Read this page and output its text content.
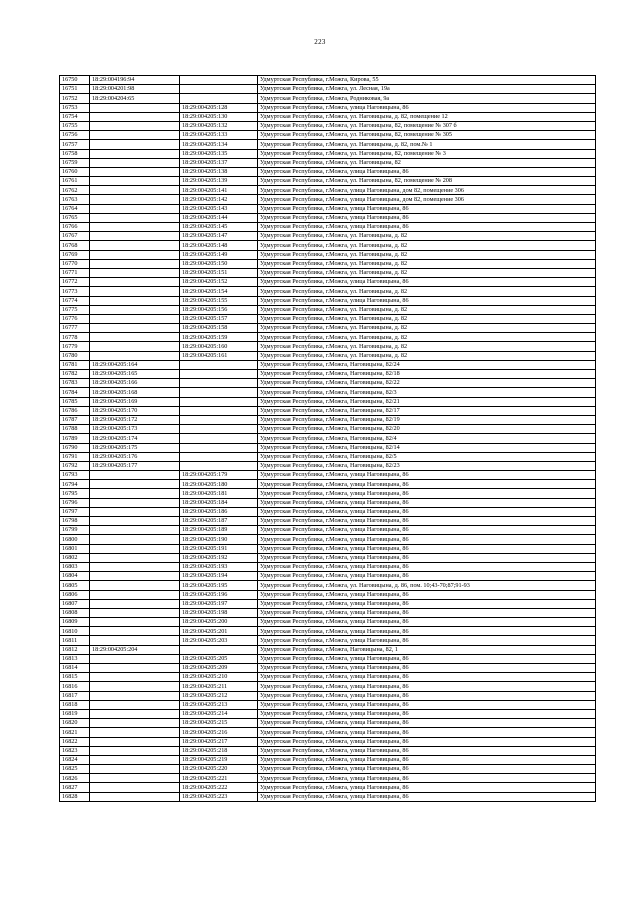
223
16750	18:29:004196:94		Удмуртская Республика, г.Можга, Кирова, 55
16751	18:29:004201:98		Удмуртская Республика, г.Можга, ул. Лесная, 19а
16752	18:29:004204:65		Удмуртская Республика, г.Можга, Родниковая, 9а
16753		18:29:004205:128	Удмуртская Республика, г.Можга, улица Наговицына, 86
16754		18:29:004205:130	Удмуртская Республика, г.Можга, ул. Наговицына, д. 82, помещение 12
16755		18:29:004205:132	Удмуртская Республика, г.Можга, ул. Наговицына, 82, помещение № 307 б
16756		18:29:004205:133	Удмуртская Республика, г.Можга, ул. Наговицына, 82, помещение № 305
16757		18:29:004205:134	Удмуртская Республика, г.Можга, ул. Наговицына, д. 82, пом.№ 1
16758		18:29:004205:135	Удмуртская Республика, г.Можга, ул. Наговицына, 82, помещение № 3
16759		18:29:004205:137	Удмуртская Республика, г.Можга, ул. Наговицына, 82
16760		18:29:004205:138	Удмуртская Республика, г.Можга, улица Наговицына, 86
16761		18:29:004205:139	Удмуртская Республика, г.Можга, ул. Наговицына, 82, помещение № 208
16762		18:29:004205:141	Удмуртская Республика, г.Можга, улица Наговицына, дом 82, помещение 306
16763		18:29:004205:142	Удмуртская Республика, г.Можга, улица Наговицына, дом 82, помещение 306
16764		18:29:004205:143	Удмуртская Республика, г.Можга, улица Наговицына, 86
16765		18:29:004205:144	Удмуртская Республика, г.Можга, улица Наговицына, 86
16766		18:29:004205:145	Удмуртская Республика, г.Можга, улица Наговицына, 86
16767		18:29:004205:147	Удмуртская Республика, г.Можга, ул. Наговицына, д. 82
16768		18:29:004205:148	Удмуртская Республика, г.Можга, ул. Наговицына, д. 82
16769		18:29:004205:149	Удмуртская Республика, г.Можга, ул. Наговицына, д. 82
16770		18:29:004205:150	Удмуртская Республика, г.Можга, ул. Наговицына, д. 82
16771		18:29:004205:151	Удмуртская Республика, г.Можга, ул. Наговицына, д. 82
16772		18:29:004205:152	Удмуртская Республика, г.Можга, улица Наговицына, 86
16773		18:29:004205:154	Удмуртская Республика, г.Можга, ул. Наговицына, д. 82
16774		18:29:004205:155	Удмуртская Республика, г.Можга, улица Наговицына, 86
16775		18:29:004205:156	Удмуртская Республика, г.Можга, ул. Наговицына, д. 82
16776		18:29:004205:157	Удмуртская Республика, г.Можга, ул. Наговицына, д. 82
16777		18:29:004205:158	Удмуртская Республика, г.Можга, ул. Наговицына, д. 82
16778		18:29:004205:159	Удмуртская Республика, г.Можга, ул. Наговицына, д. 82
16779		18:29:004205:160	Удмуртская Республика, г.Можга, ул. Наговицына, д. 82
16780		18:29:004205:161	Удмуртская Республика, г.Можга, ул. Наговицына, д. 82
16781	18:29:004205:164		Удмуртская Республика, г.Можга, Наговицына, 82/24
16782	18:29:004205:165		Удмуртская Республика, г.Можга, Наговицына, 82/18
16783	18:29:004205:166		Удмуртская Республика, г.Можга, Наговицына, 82/22
16784	18:29:004205:168		Удмуртская Республика, г.Можга, Наговицына, 82/3
16785	18:29:004205:169		Удмуртская Республика, г.Можга, Наговицына, 82/21
16786	18:29:004205:170		Удмуртская Республика, г.Можга, Наговицына, 82/17
16787	18:29:004205:172		Удмуртская Республика, г.Можга, Наговицына, 82/19
16788	18:29:004205:173		Удмуртская Республика, г.Можга, Наговицына, 82/20
16789	18:29:004205:174		Удмуртская Республика, г.Можга, Наговицына, 82/4
16790	18:29:004205:175		Удмуртская Республика, г.Можга, Наговицына, 82/14
16791	18:29:004205:176		Удмуртская Республика, г.Можга, Наговицына, 82/5
16792	18:29:004205:177		Удмуртская Республика, г.Можга, Наговицына, 82/23
16793		18:29:004205:179	Удмуртская Республика, г.Можга, улица Наговицына, 86
16794		18:29:004205:180	Удмуртская Республика, г.Можга, улица Наговицына, 86
16795		18:29:004205:181	Удмуртская Республика, г.Можга, улица Наговицына, 86
16796		18:29:004205:184	Удмуртская Республика, г.Можга, улица Наговицына, 86
16797		18:29:004205:186	Удмуртская Республика, г.Можга, улица Наговицына, 86
16798		18:29:004205:187	Удмуртская Республика, г.Можга, улица Наговицына, 86
16799		18:29:004205:189	Удмуртская Республика, г.Можга, улица Наговицына, 86
16800		18:29:004205:190	Удмуртская Республика, г.Можга, улица Наговицына, 86
16801		18:29:004205:191	Удмуртская Республика, г.Можга, улица Наговицына, 86
16802		18:29:004205:192	Удмуртская Республика, г.Можга, улица Наговицына, 86
16803		18:29:004205:193	Удмуртская Республика, г.Можга, улица Наговицына, 86
16804		18:29:004205:194	Удмуртская Республика, г.Можга, улица Наговицына, 86
16805		18:29:004205:195	Удмуртская Республика, г.Можга, ул. Наговицына, д. 86, пом. 10;43-70;87;91-93
16806		18:29:004205:196	Удмуртская Республика, г.Можга, улица Наговицына, 86
16807		18:29:004205:197	Удмуртская Республика, г.Можга, улица Наговицына, 86
16808		18:29:004205:198	Удмуртская Республика, г.Можга, улица Наговицына, 86
16809		18:29:004205:200	Удмуртская Республика, г.Можга, улица Наговицына, 86
16810		18:29:004205:201	Удмуртская Республика, г.Можга, улица Наговицына, 86
16811		18:29:004205:203	Удмуртская Республика, г.Можга, улица Наговицына, 86
16812	18:29:004205:204		Удмуртская Республика, г.Можга, Наговицына, 82, 1
16813		18:29:004205:205	Удмуртская Республика, г.Можга, улица Наговицына, 86
16814		18:29:004205:209	Удмуртская Республика, г.Можга, улица Наговицына, 86
16815		18:29:004205:210	Удмуртская Республика, г.Можга, улица Наговицына, 86
16816		18:29:004205:211	Удмуртская Республика, г.Можга, улица Наговицына, 86
16817		18:29:004205:212	Удмуртская Республика, г.Можга, улица Наговицына, 86
16818		18:29:004205:213	Удмуртская Республика, г.Можга, улица Наговицына, 86
16819		18:29:004205:214	Удмуртская Республика, г.Можга, улица Наговицына, 86
16820		18:29:004205:215	Удмуртская Республика, г.Можга, улица Наговицына, 86
16821		18:29:004205:216	Удмуртская Республика, г.Можга, улица Наговицына, 86
16822		18:29:004205:217	Удмуртская Республика, г.Можга, улица Наговицына, 86
16823		18:29:004205:218	Удмуртская Республика, г.Можга, улица Наговицына, 86
16824		18:29:004205:219	Удмуртская Республика, г.Можга, улица Наговицына, 86
16825		18:29:004205:220	Удмуртская Республика, г.Можга, улица Наговицына, 86
16826		18:29:004205:221	Удмуртская Республика, г.Можга, улица Наговицына, 86
16827		18:29:004205:222	Удмуртская Республика, г.Можга, улица Наговицына, 86
16828		18:29:004205:223	Удмуртская Республика, г.Можга, улица Наговицына, 86
